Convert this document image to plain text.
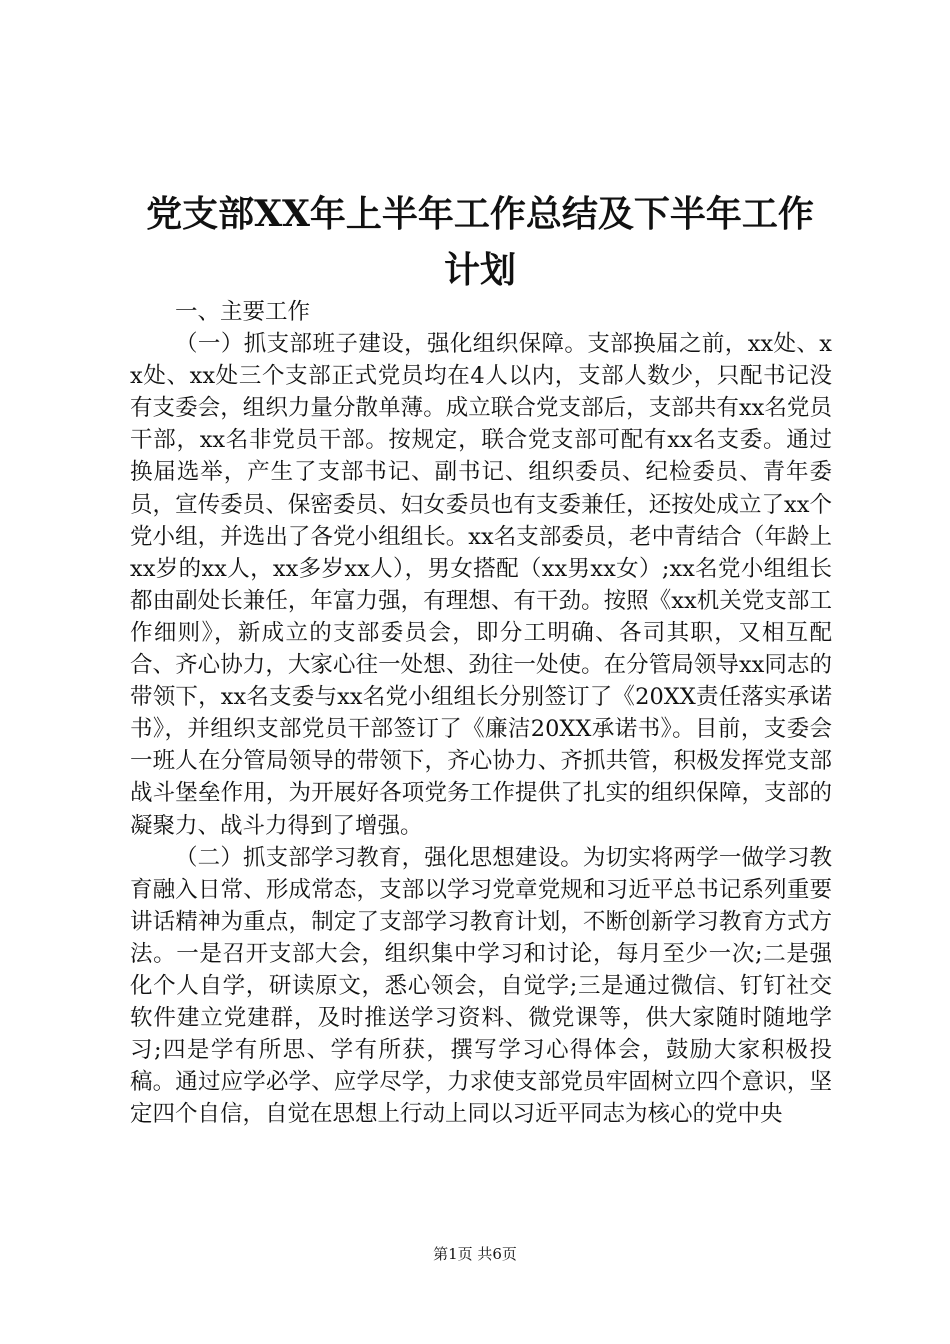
党支部XX年上半年工作总结及下半年工作计划

一、主要工作

（一）抓支部班子建设，强化组织保障。支部换届之前，xx处、xx处、xx处三个支部正式党员均在4人以内，支部人数少，只配书记没有支委会，组织力量分散单薄。成立联合党支部后，支部共有xx名党员干部，xx名非党员干部。按规定，联合党支部可配有xx名支委。通过换届选举，产生了支部书记、副书记、组织委员、纪检委员、青年委员，宣传委员、保密委员、妇女委员也有支委兼任，还按处成立了xx个党小组，并选出了各党小组组长。xx名支部委员，老中青结合（年龄上xx岁的xx人，xx多岁xx人），男女搭配（xx男xx女）;xx名党小组组长都由副处长兼任，年富力强，有理想、有干劲。按照《xx机关党支部工作细则》，新成立的支部委员会，即分工明确、各司其职，又相互配合、齐心协力，大家心往一处想、劲往一处使。在分管局领导xx同志的带领下，xx名支委与xx名党小组组长分别签订了《20XX责任落实承诺书》，并组织支部党员干部签订了《廉洁20XX承诺书》。目前，支委会一班人在分管局领导的带领下，齐心协力、齐抓共管，积极发挥党支部战斗堡垒作用，为开展好各项党务工作提供了扎实的组织保障，支部的凝聚力、战斗力得到了增强。

（二）抓支部学习教育，强化思想建设。为切实将两学一做学习教育融入日常、形成常态，支部以学习党章党规和习近平总书记系列重要讲话精神为重点，制定了支部学习教育计划，不断创新学习教育方式方法。一是召开支部大会，组织集中学习和讨论，每月至少一次;二是强化个人自学，研读原文，悉心领会，自觉学;三是通过微信、钉钉社交软件建立党建群，及时推送学习资料、微党课等，供大家随时随地学习;四是学有所思、学有所获，撰写学习心得体会，鼓励大家积极投稿。通过应学必学、应学尽学，力求使支部党员牢固树立四个意识，坚定四个自信，自觉在思想上行动上同以习近平同志为核心的党中央

第1页 共6页
